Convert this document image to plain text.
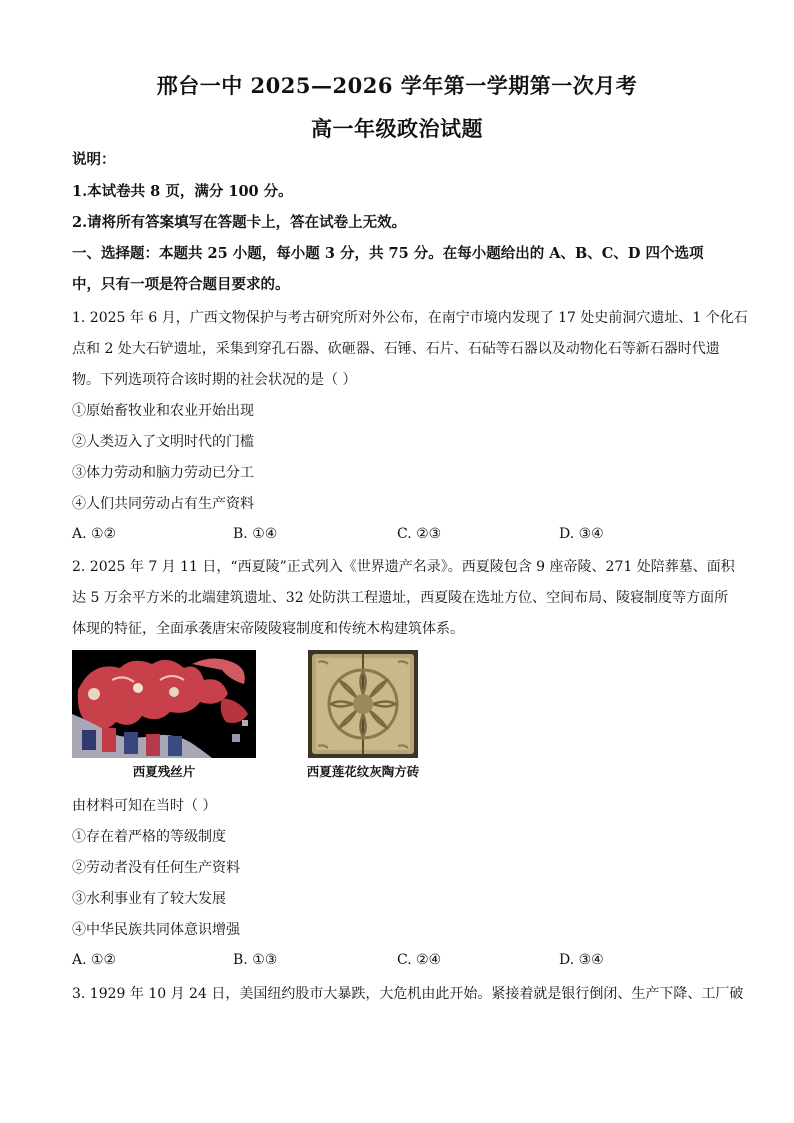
邢台一中 2025—2026 学年第一学期第一次月考
高一年级政治试题
说明：
1.本试卷共 8 页，满分 100 分。
2.请将所有答案填写在答题卡上，答在试卷上无效。
一、选择题：本题共 25 小题，每小题 3 分，共 75 分。在每小题给出的 A、B、C、D 四个选项
中，只有一项是符合题目要求的。
1. 2025 年 6 月，广西文物保护与考古研究所对外公布，在南宁市境内发现了 17 处史前洞穴遗址、1 个化石
点和 2 处大石铲遗址，采集到穿孔石器、砍砸器、石锤、石片、石砧等石器以及动物化石等新石器时代遗
物。下列选项符合该时期的社会状况的是（ ）
①原始畜牧业和农业开始出现
②人类迈入了文明时代的门槛
③体力劳动和脑力劳动已分工
④人们共同劳动占有生产资料
A. ①②	B. ①④	C. ②③	D. ③④
2. 2025 年 7 月 11 日，“西夏陵”正式列入《世界遗产名录》。西夏陵包含 9 座帝陵、271 处陪葬墓、面积
达 5 万余平方米的北端建筑遗址、32 处防洪工程遗址，西夏陵在选址方位、空间布局、陵寝制度等方面所
体现的特征，全面承袭唐宋帝陵陵寝制度和传统木构建筑体系。
西夏残丝片	西夏莲花纹灰陶方砖
由材料可知在当时（ ）
①存在着严格的等级制度
②劳动者没有任何生产资料
③水利事业有了较大发展
④中华民族共同体意识增强
A. ①②	B. ①③	C. ②④	D. ③④
3. 1929 年 10 月 24 日，美国纽约股市大暴跌，大危机由此开始。紧接着就是银行倒闭、生产下降、工厂破
